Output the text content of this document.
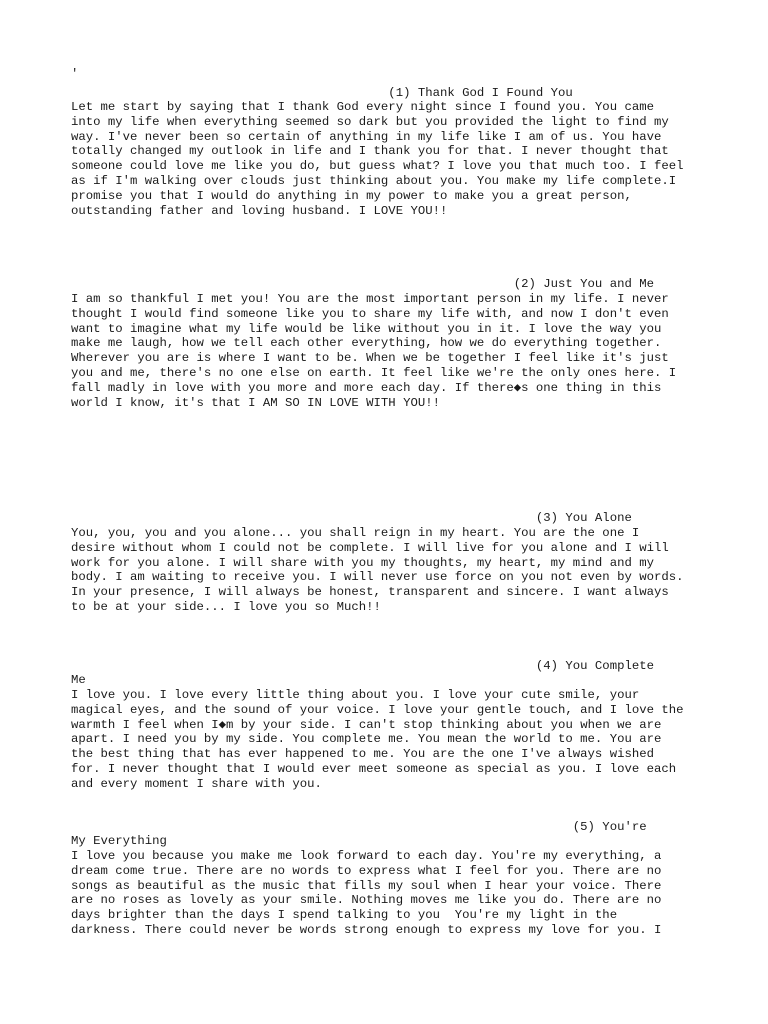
'
(1) Thank God I Found You
Let me start by saying that I thank God every night since I found you. You came
into my life when everything seemed so dark but you provided the light to find my
way. I've never been so certain of anything in my life like I am of us. You have
totally changed my outlook in life and I thank you for that. I never thought that
someone could love me like you do, but guess what? I love you that much too. I feel
as if I'm walking over clouds just thinking about you. You make my life complete.I
promise you that I would do anything in my power to make you a great person,
outstanding father and loving husband. I LOVE YOU!!
(2) Just You and Me
I am so thankful I met you! You are the most important person in my life. I never
thought I would find someone like you to share my life with, and now I don't even
want to imagine what my life would be like without you in it. I love the way you
make me laugh, how we tell each other everything, how we do everything together.
Wherever you are is where I want to be. When we be together I feel like it's just
you and me, there's no one else on earth. It feel like we're the only ones here. I
fall madly in love with you more and more each day. If there◆s one thing in this
world I know, it's that I AM SO IN LOVE WITH YOU!!
(3) You Alone
You, you, you and you alone... you shall reign in my heart. You are the one I
desire without whom I could not be complete. I will live for you alone and I will
work for you alone. I will share with you my thoughts, my heart, my mind and my
body. I am waiting to receive you. I will never use force on you not even by words.
In your presence, I will always be honest, transparent and sincere. I want always
to be at your side... I love you so Much!!
(4) You Complete
Me
I love you. I love every little thing about you. I love your cute smile, your
magical eyes, and the sound of your voice. I love your gentle touch, and I love the
warmth I feel when I◆m by your side. I can't stop thinking about you when we are
apart. I need you by my side. You complete me. You mean the world to me. You are
the best thing that has ever happened to me. You are the one I've always wished
for. I never thought that I would ever meet someone as special as you. I love each
and every moment I share with you.
(5) You're
My Everything
I love you because you make me look forward to each day. You're my everything, a
dream come true. There are no words to express what I feel for you. There are no
songs as beautiful as the music that fills my soul when I hear your voice. There
are no roses as lovely as your smile. Nothing moves me like you do. There are no
days brighter than the days I spend talking to you  You're my light in the
darkness. There could never be words strong enough to express my love for you. I
